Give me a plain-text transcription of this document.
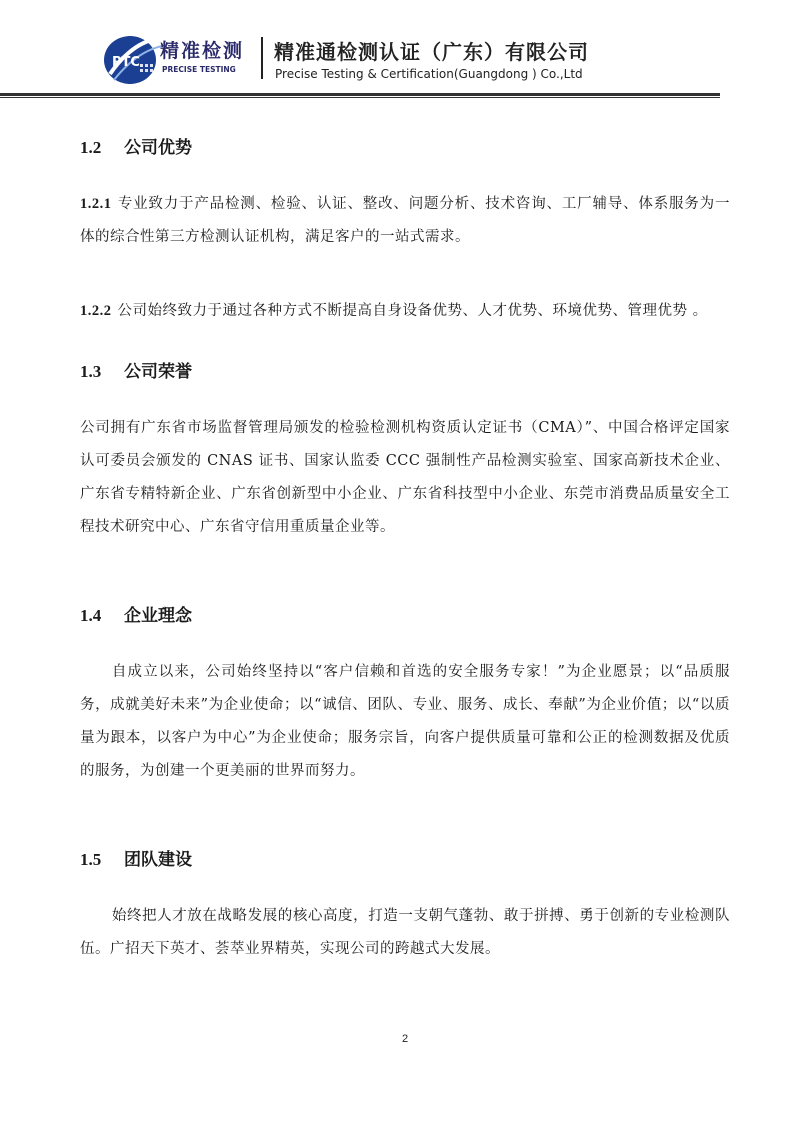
PTC
精准检测
PRECISE TESTING
精准通检测认证（广东）有限公司
Precise Testing & Certification(Guangdong ) Co.,Ltd
1.2 公司优势

1.2.1 专业致力于产品检测、检验、认证、整改、问题分析、技术咨询、工厂辅导、体系服务为一体的综合性第三方检测认证机构，满足客户的一站式需求。

1.2.2 公司始终致力于通过各种方式不断提高自身设备优势、人才优势、环境优势、管理优势 。

1.3 公司荣誉

公司拥有广东省市场监督管理局颁发的检验检测机构资质认定证书（CMA）”、中国合格评定国家认可委员会颁发的 CNAS 证书、国家认监委 CCC 强制性产品检测实验室、国家高新技术企业、广东省专精特新企业、广东省创新型中小企业、广东省科技型中小企业、东莞市消费品质量安全工程技术研究中心、广东省守信用重质量企业等。

1.4 企业理念

自成立以来，公司始终坚持以“客户信赖和首选的安全服务专家！”为企业愿景；以“品质服务，成就美好未来”为企业使命；以“诚信、团队、专业、服务、成长、奉献”为企业价值；以“以质量为跟本，以客户为中心”为企业使命；服务宗旨，向客户提供质量可靠和公正的检测数据及优质的服务，为创建一个更美丽的世界而努力。

1.5 团队建设

始终把人才放在战略发展的核心高度，打造一支朝气蓬勃、敢于拼搏、勇于创新的专业检测队伍。广招天下英才、荟萃业界精英，实现公司的跨越式大发展。

2
